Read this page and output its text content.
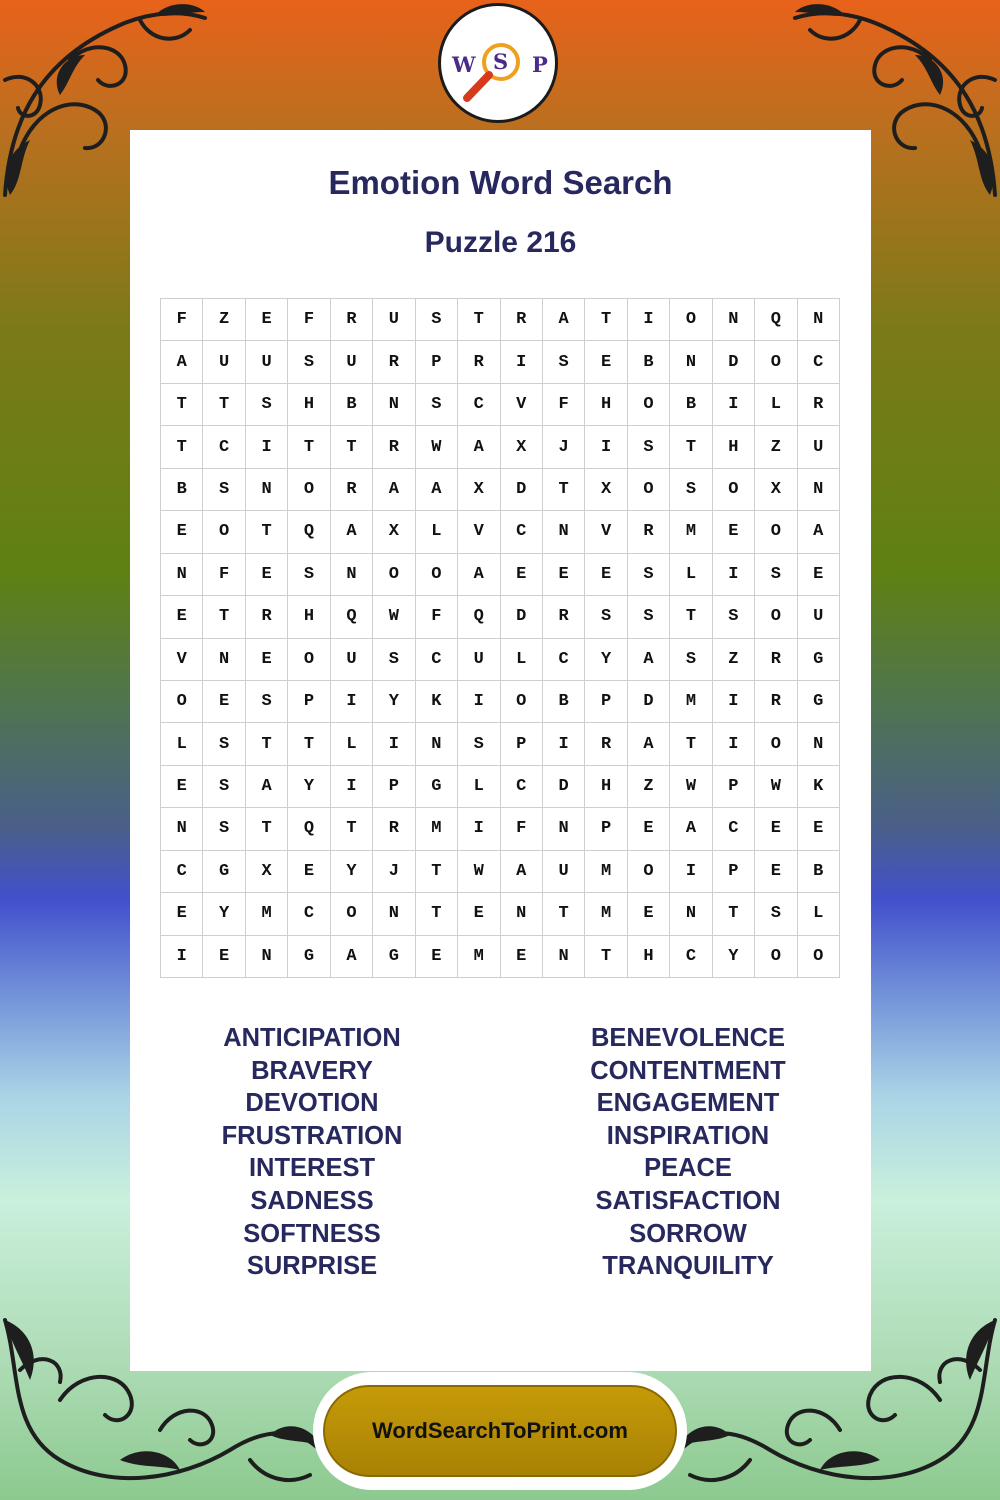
W S P
Emotion Word Search
Puzzle 216
F	Z	E	F	R	U	S	T	R	A	T	I	O	N	Q	N
A	U	U	S	U	R	P	R	I	S	E	B	N	D	O	C
T	T	S	H	B	N	S	C	V	F	H	O	B	I	L	R
T	C	I	T	T	R	W	A	X	J	I	S	T	H	Z	U
B	S	N	O	R	A	A	X	D	T	X	O	S	O	X	N
E	O	T	Q	A	X	L	V	C	N	V	R	M	E	O	A
N	F	E	S	N	O	O	A	E	E	E	S	L	I	S	E
E	T	R	H	Q	W	F	Q	D	R	S	S	T	S	O	U
V	N	E	O	U	S	C	U	L	C	Y	A	S	Z	R	G
O	E	S	P	I	Y	K	I	O	B	P	D	M	I	R	G
L	S	T	T	L	I	N	S	P	I	R	A	T	I	O	N
E	S	A	Y	I	P	G	L	C	D	H	Z	W	P	W	K
N	S	T	Q	T	R	M	I	F	N	P	E	A	C	E	E
C	G	X	E	Y	J	T	W	A	U	M	O	I	P	E	B
E	Y	M	C	O	N	T	E	N	T	M	E	N	T	S	L
I	E	N	G	A	G	E	M	E	N	T	H	C	Y	O	O
ANTICIPATION
BRAVERY
DEVOTION
FRUSTRATION
INTEREST
SADNESS
SOFTNESS
SURPRISE
BENEVOLENCE
CONTENTMENT
ENGAGEMENT
INSPIRATION
PEACE
SATISFACTION
SORROW
TRANQUILITY
WordSearchToPrint.com
